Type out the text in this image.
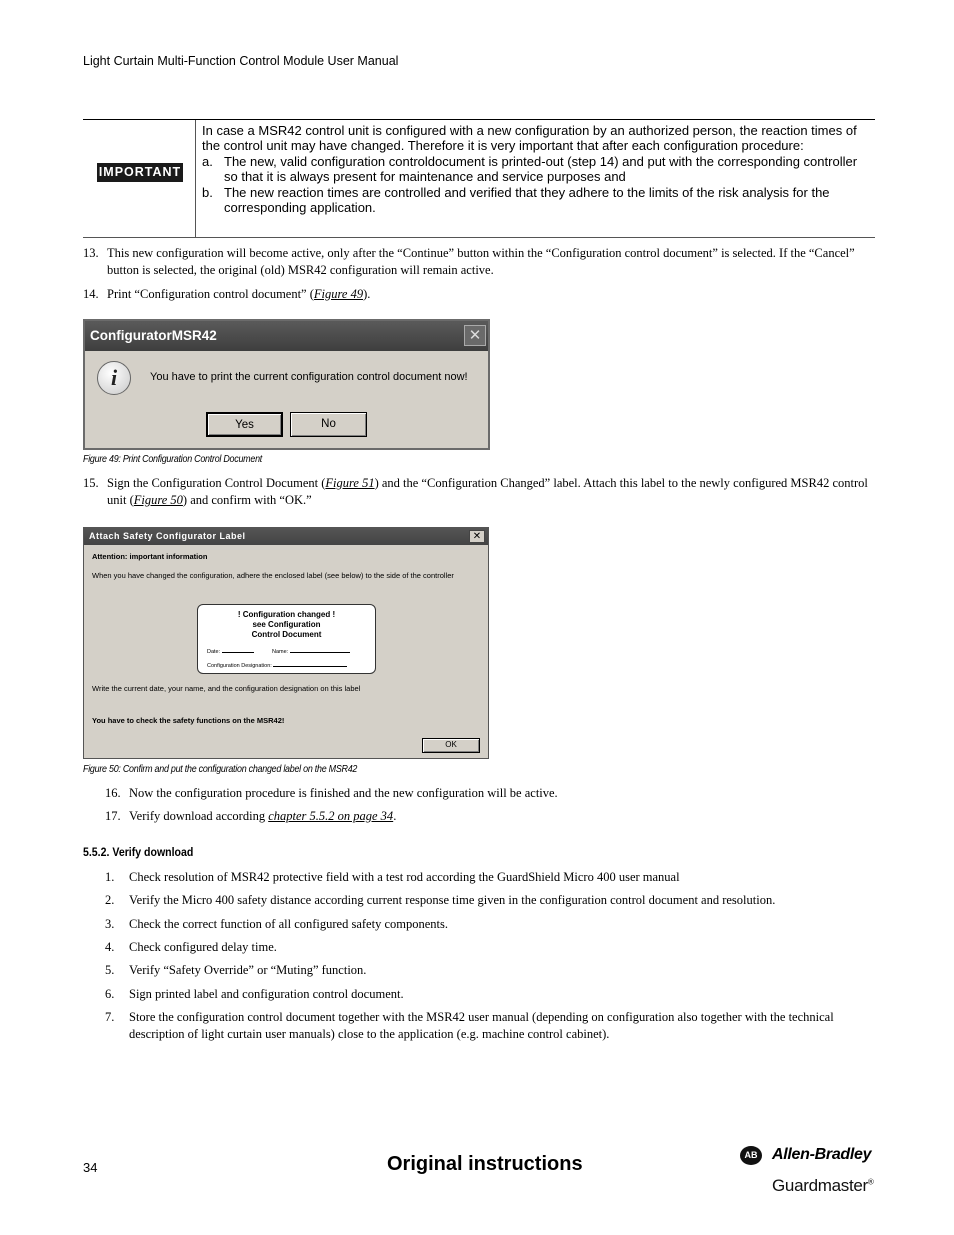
Light Curtain Multi-Function Control Module User Manual
IMPORTANT
In case a MSR42 control unit is configured with a new configuration by an authorized person, the reaction times of the control unit may have changed. Therefore it is very important that after each configuration procedure:
a. The new, valid configuration controldocument is printed-out (step 14) and put with the corresponding controller so that it is always present for maintenance and service purposes and
b. The new reaction times are controlled and verified that they adhere to the limits of the risk analysis for the corresponding application.
13. This new configuration will become active, only after the “Continue” button within the “Configuration control document” is selected. If the “Cancel” button is selected, the original (old) MSR42 configuration will remain active.
14. Print “Configuration control document” (Figure 49).
ConfiguratorMSR42	✕
i	You have to print the current configuration control document now!
Yes	No
Figure 49: Print Configuration Control Document
15. Sign the Configuration Control Document (Figure 51) and the “Configuration Changed” label. Attach this label to the newly configured MSR42 control unit (Figure 50) and confirm with “OK.”
Attach Safety Configurator Label	✕
Attention: important information
When you have changed the configuration, adhere the enclosed label (see below) to the side of the controller
! Configuration changed !
see Configuration
Control Document
Date:	Name:
Configuration Designation:
Write the current date, your name, and the configuration designation on this label
You have to check the safety functions on the MSR42!
OK
Figure 50: Confirm and put the configuration changed label on the MSR42
16. Now the configuration procedure is finished and the new configuration will be active.
17. Verify download according chapter 5.5.2 on page 34.
5.5.2. Verify download
1. Check resolution of MSR42 protective field with a test rod according the GuardShield Micro 400 user manual
2. Verify the Micro 400 safety distance according current response time given in the configuration control document and resolution.
3. Check the correct function of all configured safety components.
4. Check configured delay time.
5. Verify “Safety Override” or “Muting” function.
6. Sign printed label and configuration control document.
7. Store the configuration control document together with the MSR42 user manual (depending on configuration also together with the technical description of light curtain user manuals) close to the application (e.g. machine control cabinet).
34	Original instructions	AB Allen-Bradley
Guardmaster®
